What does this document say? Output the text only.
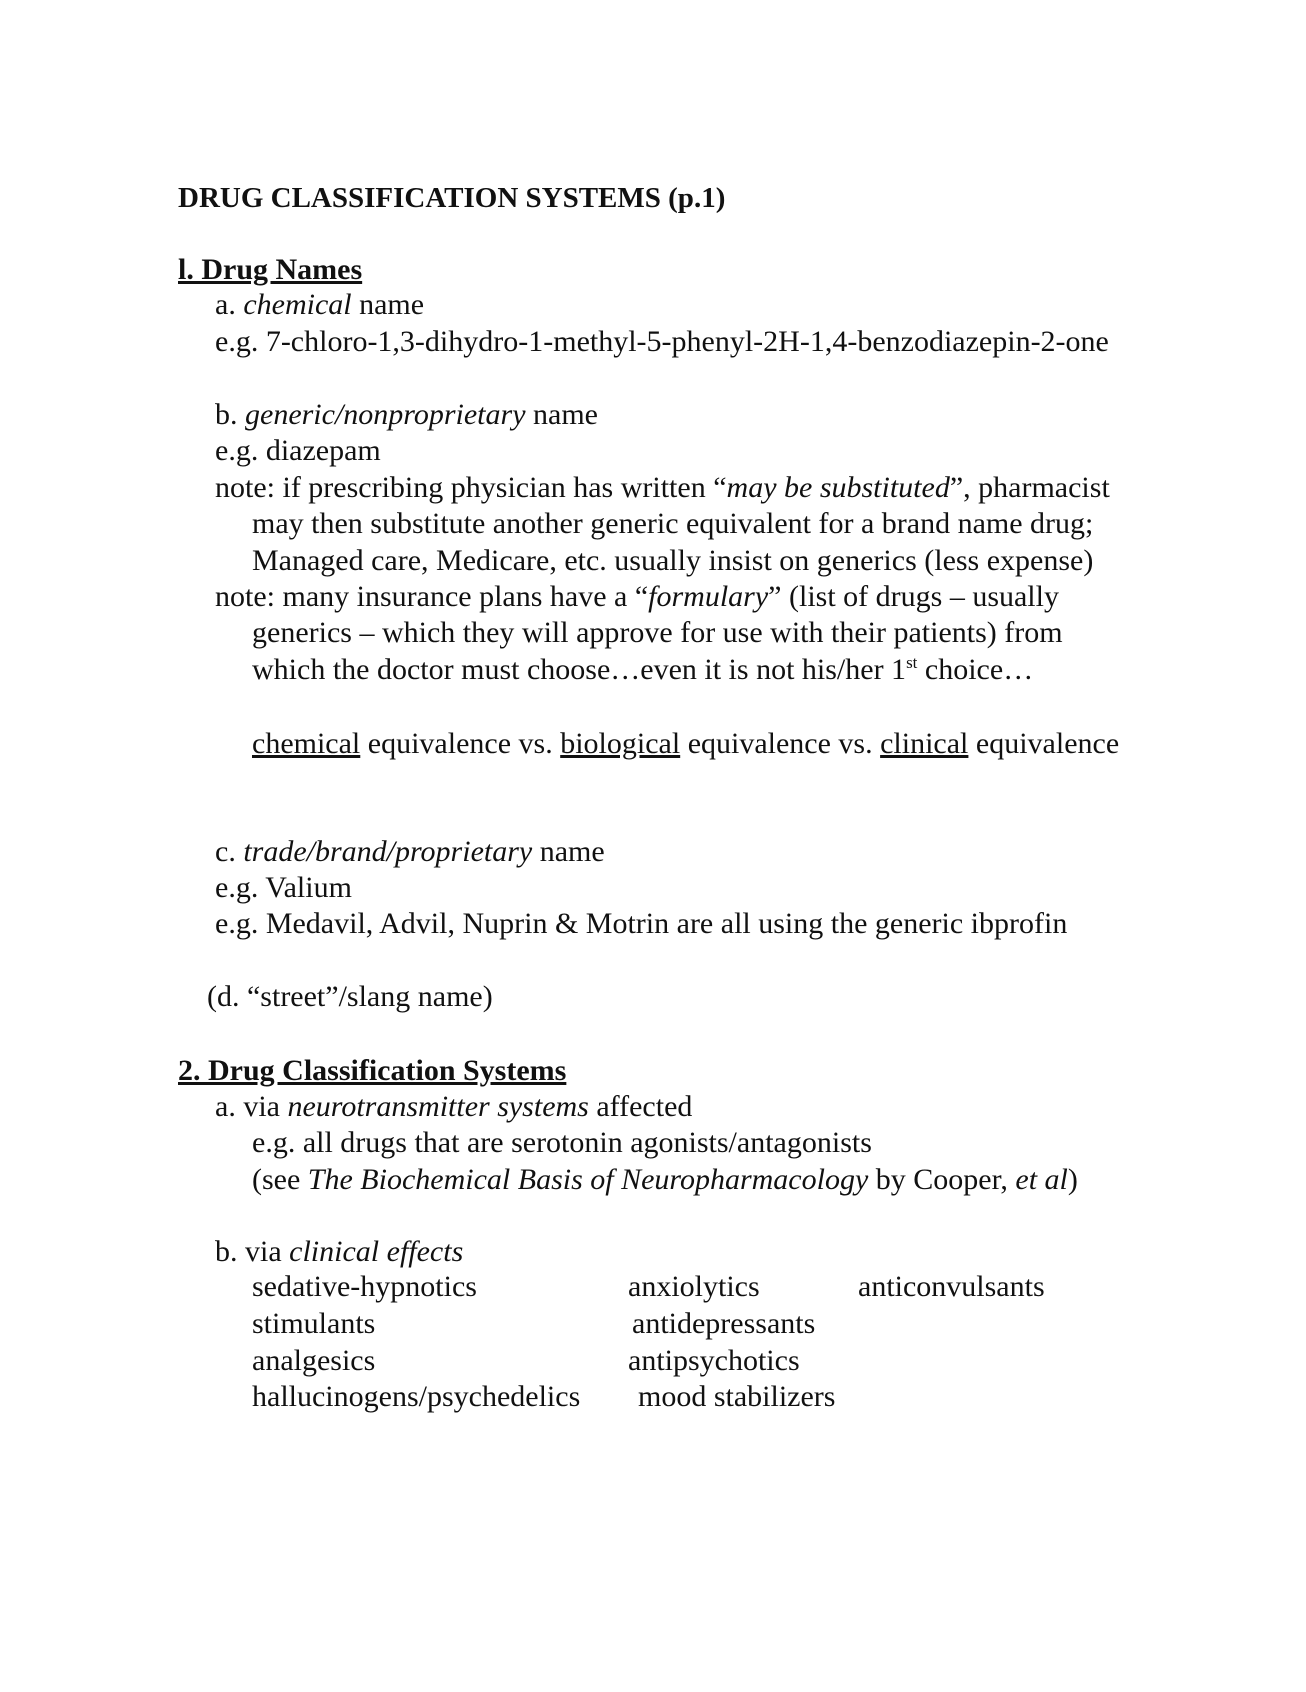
DRUG CLASSIFICATION SYSTEMS (p.1)
l. Drug Names
a. chemical name
e.g. 7-chloro-1,3-dihydro-1-methyl-5-phenyl-2H-1,4-benzodiazepin-2-one
b. generic/nonproprietary name
e.g. diazepam
note: if prescribing physician has written “may be substituted”, pharmacist
may then substitute another generic equivalent for a brand name drug;
Managed care, Medicare, etc. usually insist on generics (less expense)
note: many insurance plans have a “formulary” (list of drugs – usually
generics – which they will approve for use with their patients) from
which the doctor must choose…even it is not his/her 1st choice…
chemical equivalence vs. biological equivalence vs. clinical equivalence
c. trade/brand/proprietary name
e.g. Valium
e.g. Medavil, Advil, Nuprin & Motrin are all using the generic ibprofin
(d. “street”/slang name)
2. Drug Classification Systems
a. via neurotransmitter systems affected
e.g. all drugs that are serotonin agonists/antagonists
(see The Biochemical Basis of Neuropharmacology by Cooper, et al)
b. via clinical effects
sedative-hypnotics
stimulants
analgesics
hallucinogens/psychedelics
anxiolytics
antidepressants
antipsychotics
mood stabilizers
anticonvulsants
